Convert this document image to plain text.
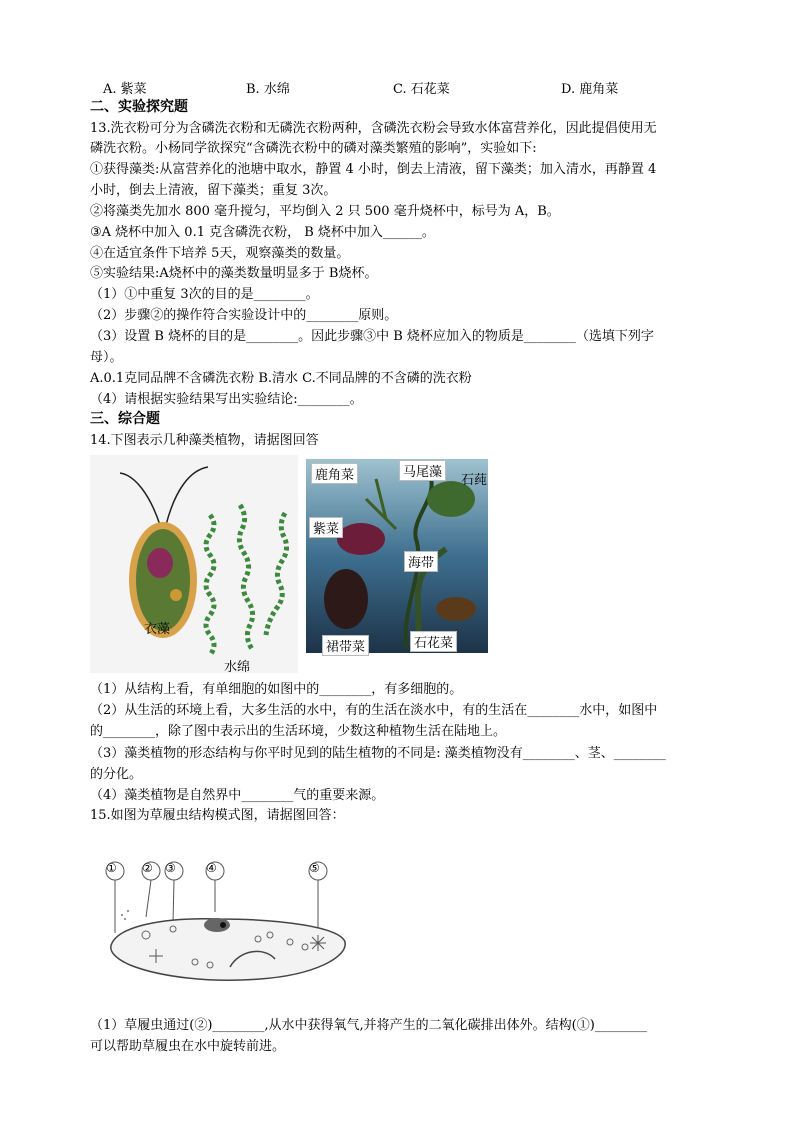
A. 紫菜	B. 水绵	C. 石花菜	D. 鹿角菜
二、实验探究题
13.洗衣粉可分为含磷洗衣粉和无磷洗衣粉两种，含磷洗衣粉会导致水体富营养化，因此提倡使用无
磷洗衣粉。小杨同学欲探究“含磷洗衣粉中的磷对藻类繁殖的影响”，实验如下:
①获得藻类:从富营养化的池塘中取水，静置 4 小时，倒去上清液，留下藻类；加入清水，再静置 4
小时，倒去上清液，留下藻类；重复 3次。
②将藻类先加水 800 毫升搅匀，平均倒入 2 只 500 毫升烧杯中，标号为 A，B。
③A 烧杯中加入 0.1 克含磷洗衣粉， B 烧杯中加入______。
④在适宜条件下培养 5天，观察藻类的数量。
⑤实验结果:A烧杯中的藻类数量明显多于 B烧杯。
（1）①中重复 3次的目的是________。
（2）步骤②的操作符合实验设计中的________原则。
（3）设置 B 烧杯的目的是________。因此步骤③中 B 烧杯应加入的物质是________（选填下列字
母）。
A.0.1克同品牌不含磷洗衣粉 B.清水 C.不同品牌的不含磷的洗衣粉
（4）请根据实验结果写出实验结论:________。
三、综合题
14.下图表示几种藻类植物，请据图回答
衣藻
水绵
鹿角菜	马尾藻
石莼
紫菜
海带
裙带菜	石花菜
（1）从结构上看，有单细胞的如图中的________，有多细胞的。
（2）从生活的环境上看，大多生活的水中，有的生活在淡水中，有的生活在________水中，如图中
的________，除了图中表示出的生活环境，少数这种植物生活在陆地上。
（3）藻类植物的形态结构与你平时见到的陆生植物的不同是: 藻类植物没有________、茎、________
的分化。
（4）藻类植物是自然界中________气的重要来源。
15.如图为草履虫结构模式图，请据图回答：
① ② ③	④	⑤
（1）草履虫通过(②)________,从水中获得氧气,并将产生的二氧化碳排出体外。结构(①)________
可以帮助草履虫在水中旋转前进。
